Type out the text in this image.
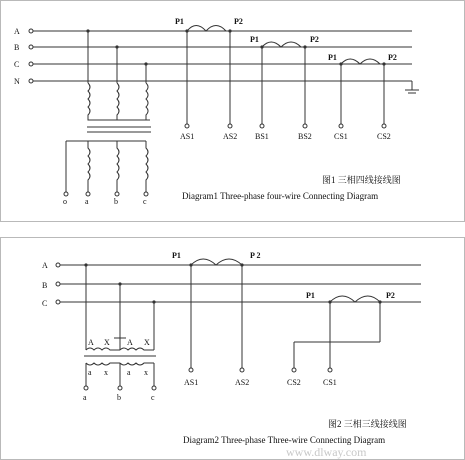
A
B
C
N
o a	b	c
P1	P2
AS1	AS2
P1	P2
BS1	BS2
P1	P2
CS1	CS2
图1 三相四线接线图
Diagram1 Three-phase four-wire Connecting Diagram
A
B
C
A X A X
a x a x
a	b	c
P1	P 2
AS1	AS2
P1	P2
CS2	CS1
图2 三相三线接线图
Diagram2 Three-phase Three-wire Connecting Diagram
www.dlway.com
